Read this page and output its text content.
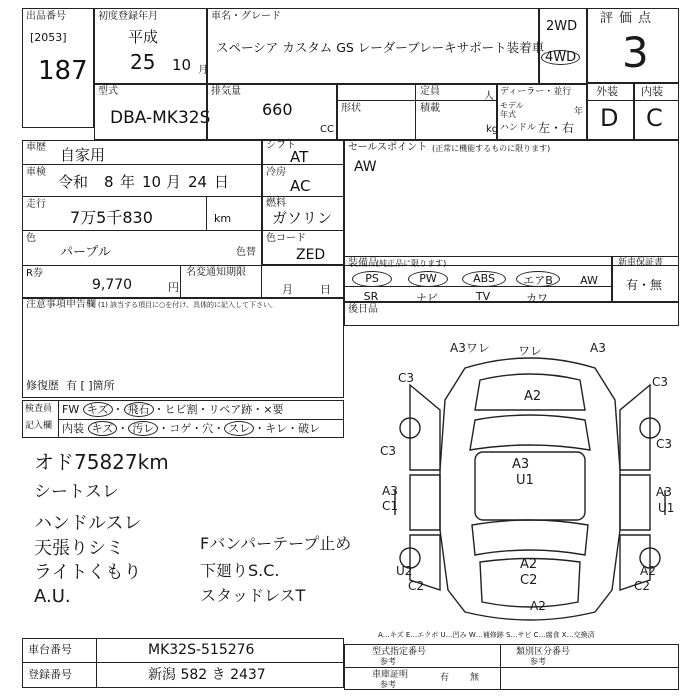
出品番号
[2053]
187
初度登録年月
平成
25 10 月
車名・グレード
スペーシア カスタム GS レーダーブレーキサポート装着車
2WD
4WD
評価点
3
外装 内装
D C
型式
DBA-MK32S
排気量
660
CC
定員	人
形状	積載
kg
ディーラー・並行
モデル
年式	年
ハンドル 左・右
車歴 自家用
車検
令和 8 年 10 月 24 日
走行
7万5千830	km
色
パープル	色替
R券
9,770	円
シフト
AT
冷房
AC
燃料
ガソリン
色コード
ZED
名変通知期限
月 日
注意事項申告欄 (1) 該当する項目に○を付け、具体的に記入して下さい。
修復歴 有 [ ]箇所
セールスポイント (正常に機能するものに限ります)
AW
装備品
(純正品に限ります)
PS	PW	ABS	エアB	AW
SR	ナビ	TV	カワ
新車保証書
有・無
後日品
検査員
記入欄
FW キズ ・ 飛石 ・ヒビ割・リペア跡・×要
内装 キズ ・ 汚レ ・コゲ・穴・ スレ ・キレ・破レ
オド75827km
シートスレ
ハンドルスレ
天張りシミ
ライトくもり
A.U.
Fバンパーテープ止め
下廻りS.C.
スタッドレスT
A3ワレ ワレ	A3
A2
C3	C3
C3	C3
A3
U1
A3
C1
A3
U1
U2
C2
A2
C2
A2
C2
A2
A…キズ E…エクボ U…凹み W…補修跡 S…サビ C…腐食 X…交換済
車台番号	MK32S-515276
登録番号	新潟 582 き 2437
型式指定番号
参考
類別区分番号
参考
車庫証明
参考
有 無
